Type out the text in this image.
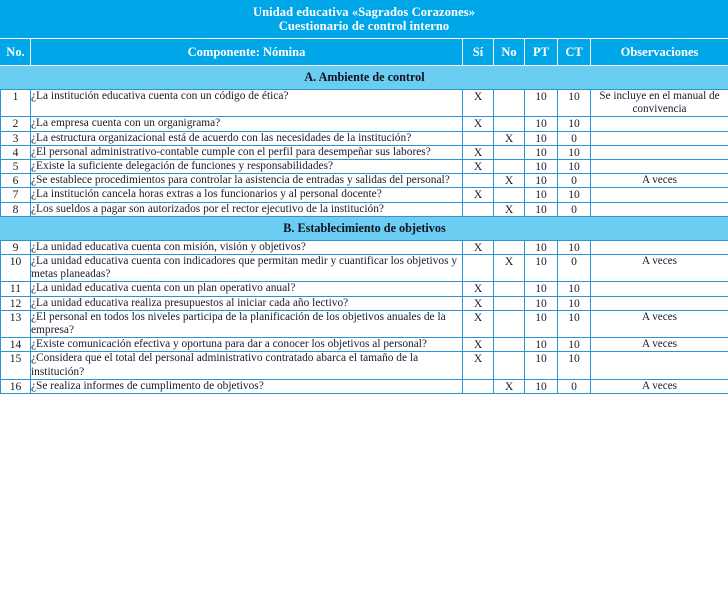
Unidad educativa «Sagrados Corazones»
Cuestionario de control interno
No.	Componente: Nómina	Sí	No	PT	CT	Observaciones
A. Ambiente de control						
1	¿La institución educativa cuenta con un código de ética?	X		10	10	Se incluye en el manual de convivencia
2	¿La empresa cuenta con un organigrama?	X		10	10	
3	¿La estructura organizacional está de acuerdo con las necesidades de la institución?		X	10	0	
4	¿El personal administrativo-contable cumple con el perfil para desempeñar sus labores?	X		10	10	
5	¿Existe la suficiente delegación de funciones y responsabilidades?	X		10	10	
6	¿Se establece procedimientos para controlar la asistencia de entradas y salidas del personal?		X	10	0	A veces
7	¿La institución cancela horas extras a los funcionarios y al personal docente?	X		10	10	
8	¿Los sueldos a pagar son autorizados por el rector ejecutivo de la institución?		X	10	0	
B. Establecimiento de objetivos						
9	¿La unidad educativa cuenta con misión, visión y objetivos?	X		10	10	
10	¿La unidad educativa cuenta con indicadores que permitan medir y cuantificar los objetivos y metas planeadas?		X	10	0	A veces
11	¿La unidad educativa cuenta con un plan operativo anual?	X		10	10	
12	¿La unidad educativa realiza presupuestos al iniciar cada año lectivo?	X		10	10	
13	¿El personal en todos los niveles participa de la planificación de los objetivos anuales de la empresa?	X		10	10	A veces
14	¿Existe comunicación efectiva y oportuna para dar a conocer los objetivos al personal?	X		10	10	A veces
15	¿Considera que el total del personal administrativo contratado abarca el tamaño de la institución?	X		10	10	
16	¿Se realiza informes de cumplimento de objetivos?		X	10	0	A veces
